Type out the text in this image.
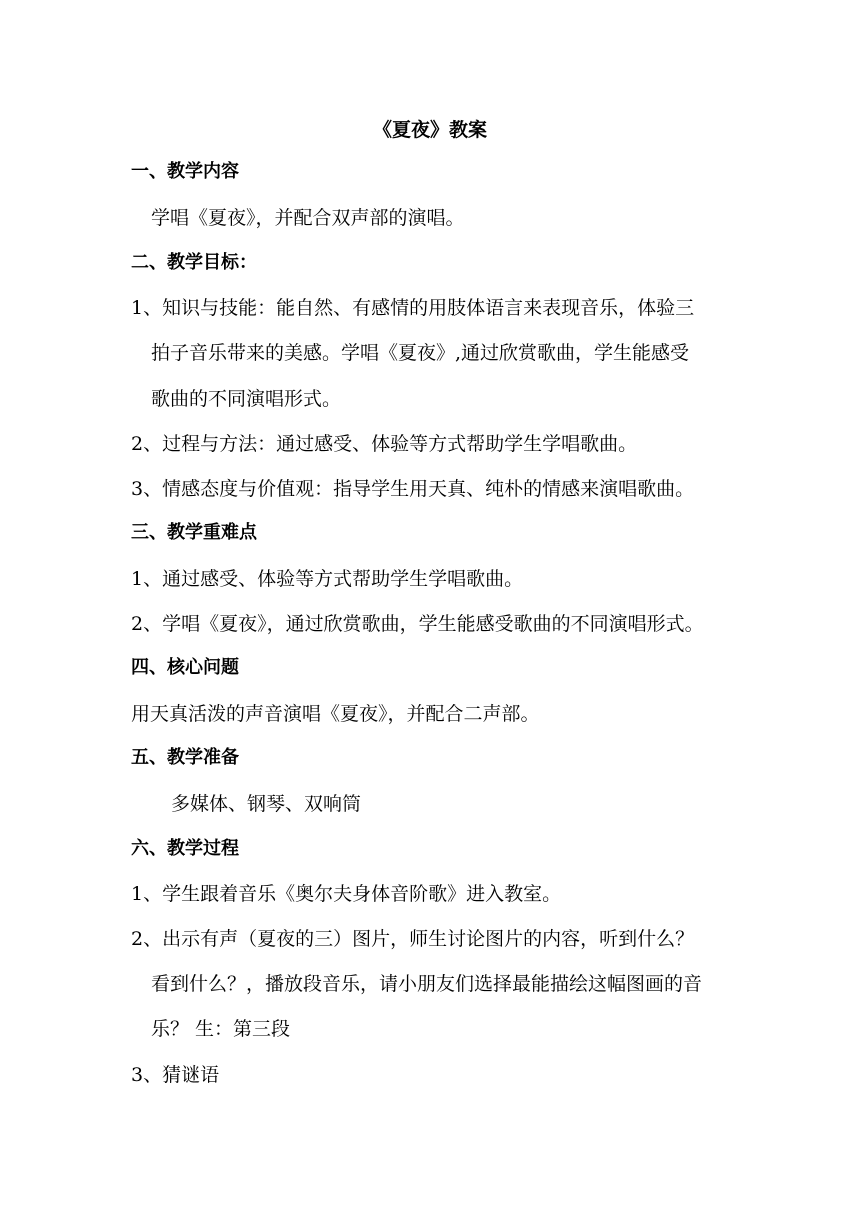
《夏夜》教案
一、教学内容
学唱《夏夜》，并配合双声部的演唱。
二、教学目标：
1、知识与技能：能自然、有感情的用肢体语言来表现音乐，体验三
拍子音乐带来的美感。学唱《夏夜》,通过欣赏歌曲，学生能感受
歌曲的不同演唱形式。
2、过程与方法：通过感受、体验等方式帮助学生学唱歌曲。
3、情感态度与价值观：指导学生用天真、纯朴的情感来演唱歌曲。
三、教学重难点
1、通过感受、体验等方式帮助学生学唱歌曲。
2、学唱《夏夜》，通过欣赏歌曲，学生能感受歌曲的不同演唱形式。
四、核心问题
用天真活泼的声音演唱《夏夜》，并配合二声部。
五、教学准备
多媒体、钢琴、双响筒
六、教学过程
1、学生跟着音乐《奥尔夫身体音阶歌》进入教室。
2、出示有声（夏夜的三）图片，师生讨论图片的内容，听到什么？
看到什么？，播放段音乐，请小朋友们选择最能描绘这幅图画的音
乐？ 生：第三段
3、猜谜语
